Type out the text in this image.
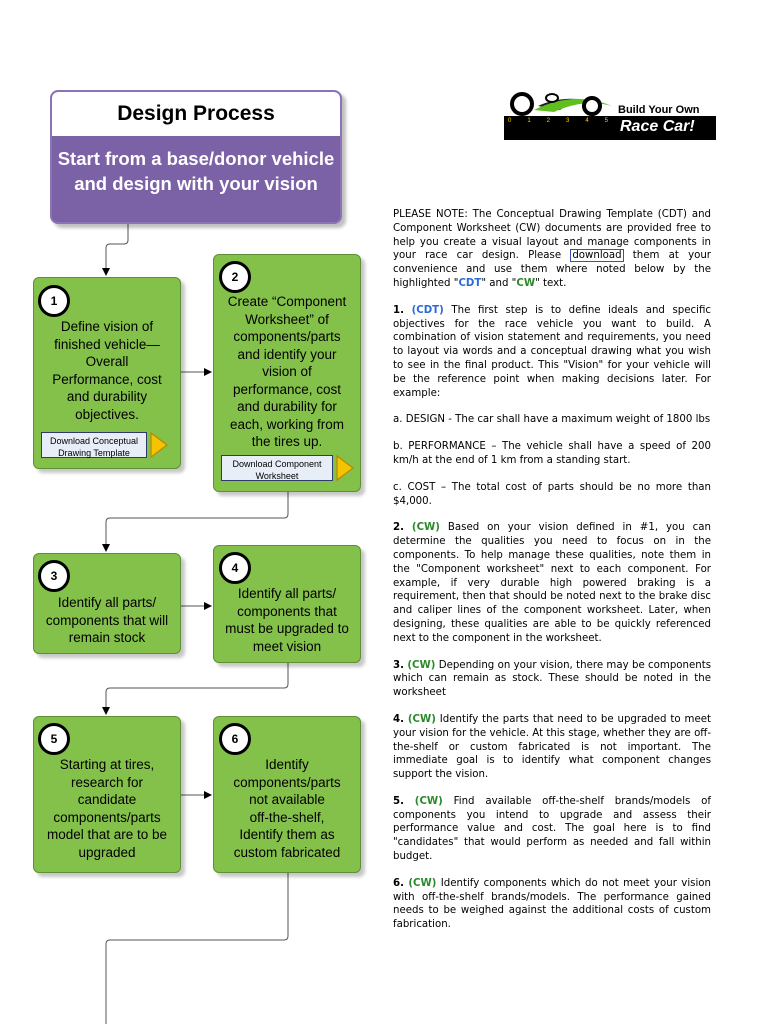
Design Process
Start from a base/donor vehicle
and design with your vision
0	1	2	3	4	5
Build Your Own
Race Car!
1
Define vision of
finished vehicle—
Overall
Performance, cost
and durability
objectives.
Download Conceptual
Drawing Template
2
Create “Component
Worksheet” of
components/parts
and identify your
vision of
performance, cost
and durability for
each, working from
the tires up.
Download Component
Worksheet
3
Identify all parts/
components that will
remain stock
4
Identify all parts/
components that
must be upgraded to
meet vision
5
Starting at tires,
research for
candidate
components/parts
model that are to be
upgraded
6
Identify
components/parts
not available
off-the-shelf,
Identify them as
custom fabricated

PLEASE NOTE: The Conceptual Drawing Template (CDT) and Component Worksheet (CW) documents are provided free to help you create a visual layout and manage components in your race car design. Please download them at your convenience and use them where noted below by the highlighted "CDT" and "CW" text.

1. (CDT) The first step is to define ideals and specific objectives for the race vehicle you want to build. A combination of vision statement and requirements, you need to layout via words and a conceptual drawing what you wish to see in the final product. This "Vision" for your vehicle will be the reference point when making decisions later. For example:

a. DESIGN - The car shall have a maximum weight of 1800 lbs

b. PERFORMANCE – The vehicle shall have a speed of 200 km/h at the end of 1 km from a standing start.

c. COST – The total cost of parts should be no more than $4,000.

2. (CW) Based on your vision defined in #1, you can determine the qualities you need to focus on in the components. To help manage these qualities, note them in the "Component worksheet" next to each component. For example, if very durable high powered braking is a requirement, then that should be noted next to the brake disc and caliper lines of the component worksheet. Later, when designing, these qualities are able to be quickly referenced next to the component in the worksheet.

3. (CW) Depending on your vision, there may be components which can remain as stock. These should be noted in the worksheet

4. (CW) Identify the parts that need to be upgraded to meet your vision for the vehicle. At this stage, whether they are off-the-shelf or custom fabricated is not important. The immediate goal is to identify what component changes support the vision.

5. (CW) Find available off-the-shelf brands/models of components you intend to upgrade and assess their performance value and cost. The goal here is to find "candidates" that would perform as needed and fall within budget.

6. (CW) Identify components which do not meet your vision with off-the-shelf brands/models. The performance gained needs to be weighed against the additional costs of custom fabrication.
